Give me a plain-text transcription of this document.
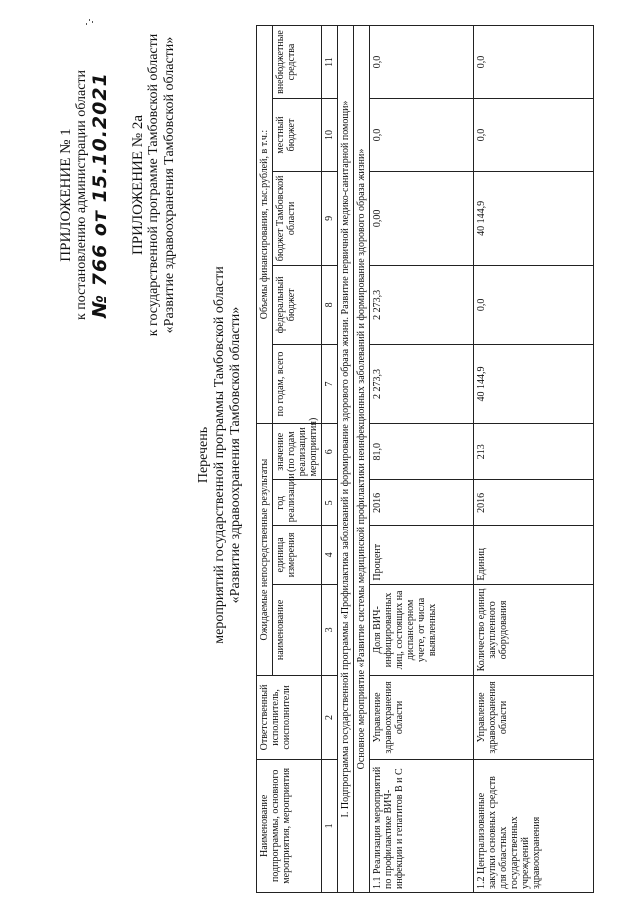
ПРИЛОЖЕНИЕ № 1 к постановлению администрации области № 766 от 15.10.2021 ПРИЛОЖЕНИЕ № 2а к государственной программе Тамбовской области «Развитие здравоохранения Тамбовской области»
Перечень мероприятий государственной программы Тамбовской области «Развитие здравоохранения Тамбовской области»
Наименование подпрограммы, основного мероприятия, мероприятия	Ответственный исполнитель, соисполнители	Ожидаемые непосредственные результаты				Объемы финансирования, тыс.рублей, в т.ч.:				
		наименование	единица измерения	год реализации	значение (по годам реализации мероприятия)	по годам, всего	федеральный бюджет	бюджет Тамбовской области	местный бюджет	внебюджетные средства
1	2	3	4	5	6	7	8	9	10	11
I. Подпрограмма государственной программы «Профилактика заболеваний и формирование здорового образа жизни. Развитие первичной медико-санитарной помощи»										
Основное мероприятие «Развитие системы медицинской профилактики неинфекционных заболеваний и формирование здорового образа жизни»										
1.1 Реализация мероприятий по профилактике ВИЧ-инфекции и гепатитов В и С	Управление здравоохранения области	Доля ВИЧ-инфицированных лиц, состоящих на диспансерном учете, от числа выявленных	Процент	2016	81,0	2 273,3	2 273,3	0,00	0,0	0,0
1.2 Централизованные закупки основных средств для областных государственных учреждений здравоохранения	Управление здравоохранения области	Количество единиц закупленного оборудования	Единиц	2016	213	40 144,9	0,0	40 144,9	0,0	0,0
